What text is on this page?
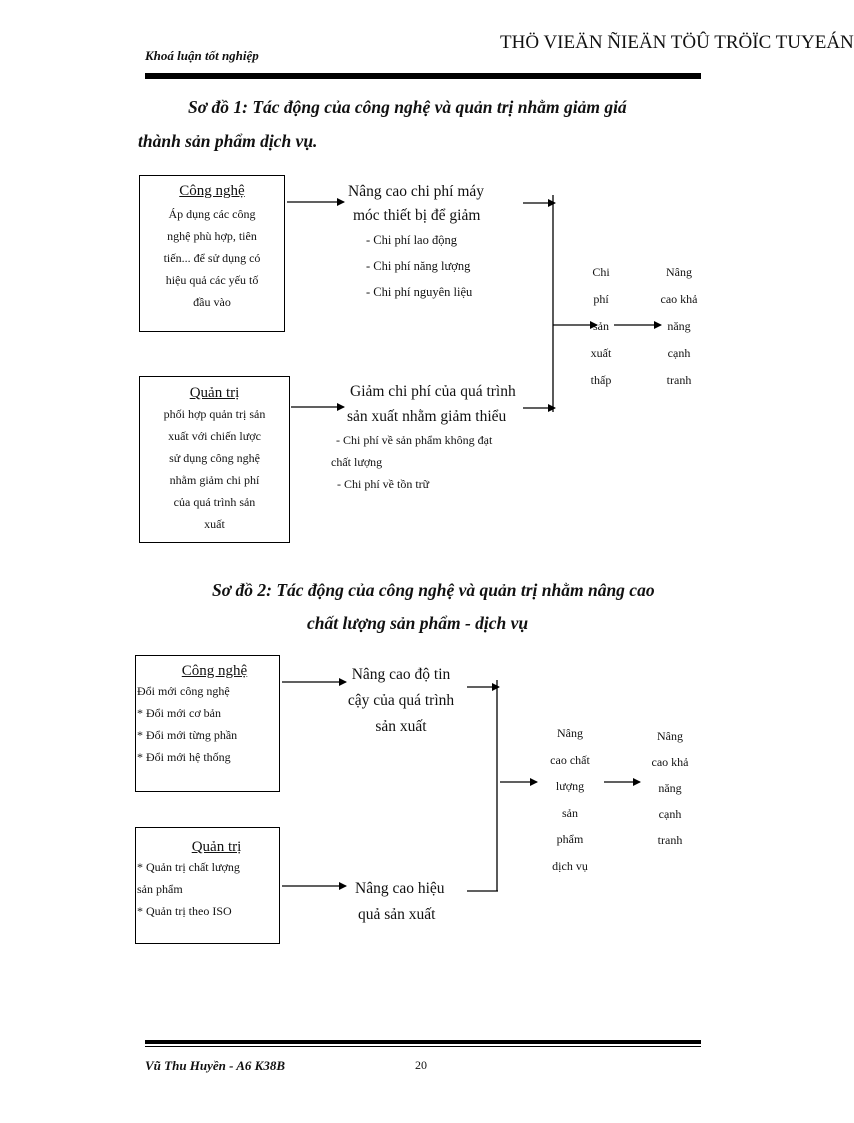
Khoá luận tốt nghiệp
THÖ VIEÄN ÑIEÄN TÖÛ TRÖÏC TUYEÁN
Sơ đồ 1: Tác động của công nghệ và quản trị nhằm giảm giá
thành sản phẩm dịch vụ.
Công nghệ
Áp dụng các công
nghệ phù hợp, tiên
tiến... để sử dụng có
hiệu quả các yếu tố
đầu vào
Quản trị
phối hợp quản trị sản
xuất với chiến lược
sử dụng công nghệ
nhằm giảm chi phí
của quá trình sản
xuất
Nâng cao chi phí máy
móc thiết bị để giảm
- Chi phí lao động
- Chi phí năng lượng
- Chi phí nguyên liệu
Giảm chi phí của quá trình
sản xuất nhằm giảm thiểu
- Chi phí về sản phẩm không đạt
chất lượng
- Chi phí về tồn trữ
Chi
phí
sản
xuất
thấp
Nâng
cao khả
năng
cạnh
tranh
Sơ đồ 2: Tác động của công nghệ và quản trị nhằm nâng cao
chất lượng sản phẩm - dịch vụ
Công nghệ
Đổi mới công nghệ
* Đổi mới cơ bản
* Đổi mới từng phần
* Đổi mới hệ thống
Quản trị
* Quản trị chất lượng
sản phẩm
* Quản trị theo ISO
Nâng cao độ tin
cậy của quá trình
sản xuất
Nâng cao hiệu
quả sản xuất
Nâng
cao chất
lượng
sản
phẩm
dịch vụ
Nâng
cao khả
năng
cạnh
tranh
Vũ Thu Huyền - A6 K38B	20
